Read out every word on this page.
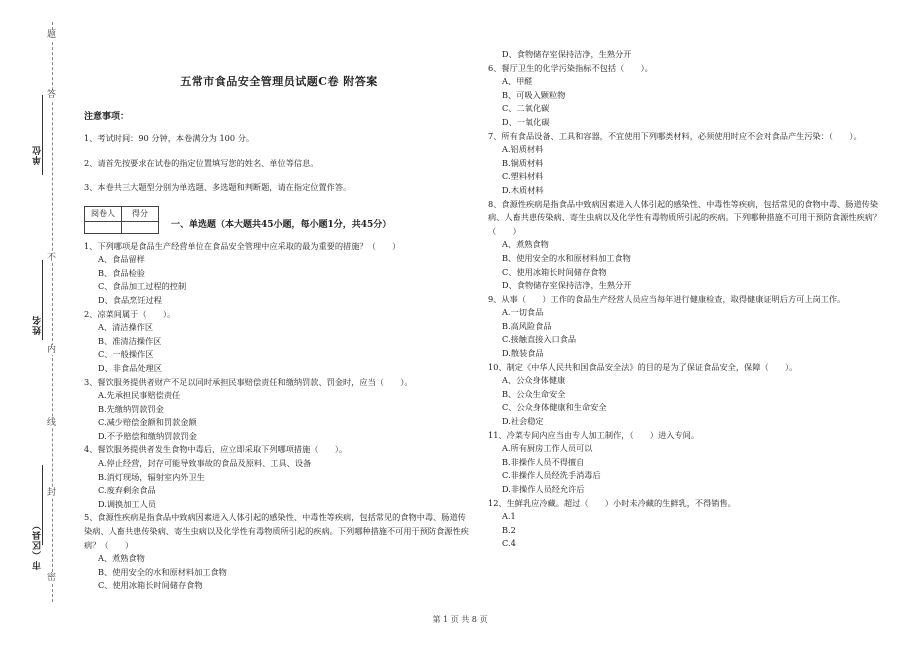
题
答
不
内
线
封
密
单位
姓名
市（区县）
五常市食品安全管理员试题C卷 附答案
注意事项：
1、考试时间：90 分钟，本卷满分为 100 分。
2、请首先按要求在试卷的指定位置填写您的姓名、单位等信息。
3、本卷共三大题型分别为单选题、多选题和判断题，请在指定位置作答。
阅卷人	得分

一、单选题（本大题共45小题，每小题1分，共45分）
1、下列哪项是食品生产经营单位在食品安全管理中应采取的最为重要的措施？（　　）
A、食品留样
B、食品检验
C、食品加工过程的控制
D、食品烹饪过程
2、凉菜间属于（　　）。
A、清洁操作区
B、准清洁操作区
C、一般操作区
D、非食品处理区
3、餐饮服务提供者财产不足以同时承担民事赔偿责任和缴纳罚款、罚金时，应当（　　）。
A.先承担民事赔偿责任
B.先缴纳罚款罚金
C.减少赔偿金额和罚款金额
D.不予赔偿和缴纳罚款罚金
4、餐饮服务提供者发生食物中毒后，应立即采取下列哪项措施（　　）。
A.停止经营，封存可能导致事故的食品及原料、工具、设备
B.消灯现场，辐射室内外卫生
C.废弃剩余食品
D.调换加工人员
5、食源性疾病是指食品中致病因素进入人体引起的感染性、中毒性等疾病，包括常见的食物中毒、肠道传染病、人畜共患传染病、寄生虫病以及化学性有毒物质所引起的疾病。下列哪种措施不可用于预防食源性疾病？（　　）
A、煮熟食物
B、使用安全的水和原材料加工食物
C、使用冰箱长时间储存食物
D、食物储存室保持洁净，生熟分开
6、餐厅卫生的化学污染指标不包括（　　）。
A、甲醛
B、可吸入颗粒物
C、二氧化碳
D、一氧化碳
7、所有食品设备、工具和容器，不宜使用下列哪类材料，必须使用时应不会对食品产生污染：（　　）。
A.铝质材料
B.铜质材料
C.塑料材料
D.木质材料
8、食源性疾病是指食品中致病因素进入人体引起的感染性、中毒性等疾病，包括常见的食物中毒、肠道传染病、人畜共患传染病、寄生虫病以及化学性有毒物质所引起的疾病。下列哪种措施不可用于预防食源性疾病？（　　）
A、煮熟食物
B、使用安全的水和原材料加工食物
C、使用冰箱长时间储存食物
D、食物储存室保持洁净，生熟分开
9、从事（　　）工作的食品生产经营人员应当每年进行健康检查，取得健康证明后方可上岗工作。
A.一切食品
B.高风险食品
C.接触直接入口食品
D.散装食品
10、制定《中华人民共和国食品安全法》的目的是为了保证食品安全，保障（　　）。
A、公众身体健康
B、公众生命安全
C、公众身体健康和生命安全
D.社会稳定
11、冷菜专间内应当由专人加工制作，（　　）进入专间。
A.所有厨房工作人员可以
B.非操作人员不得擅自
C.非操作人员经洗手消毒后
D.非操作人员经允许后
12、生鲜乳应冷藏。超过（　　）小时未冷藏的生鲜乳，不得销售。
A.1
B.2
C.4
第 1 页 共 8 页
